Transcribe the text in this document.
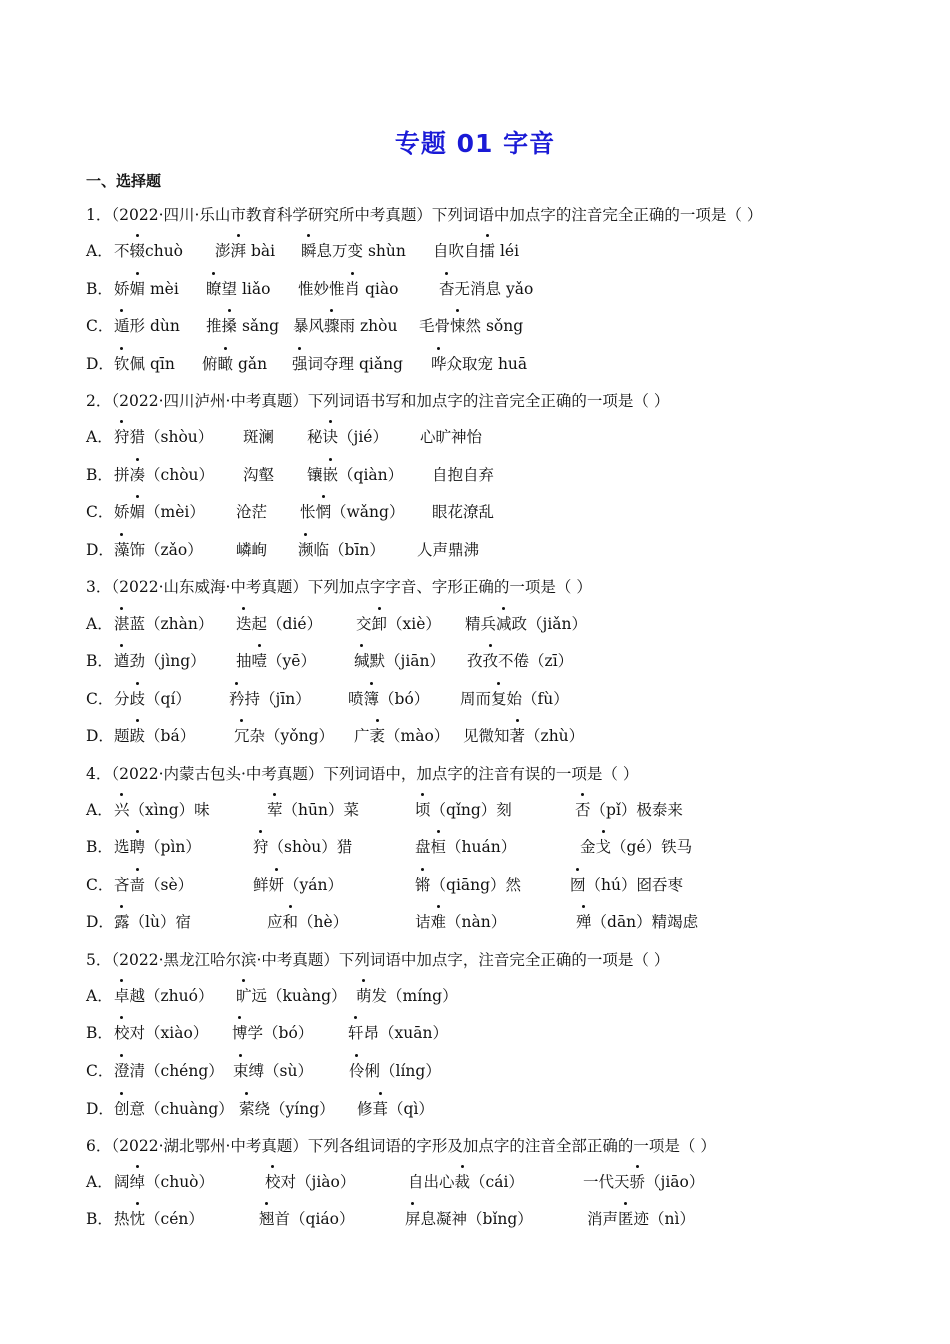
专题 01 字音
一、选择题
1．（2022·四川·乐山市教育科学研究所中考真题）下列词语中加点字的注音完全正确的一项是（ ）
A． 不辍chuò 澎湃 bài 瞬息万变 shùn 自吹自擂 léi
B． 娇媚 mèi 瞭望 liǎo 惟妙惟肖 qiào	杳无消息 yǎo
C． 遁形 dùn 推搡 sǎng 暴风骤雨 zhòu 毛骨悚然 sǒng
D． 钦佩 qīn 俯瞰 gǎn 强词夺理 qiǎng 哗众取宠 huā
2．（2022·四川泸州·中考真题）下列词语书写和加点字的注音完全正确的一项是（ ）
A． 狩猎（shòu） 斑澜 秘诀（jié） 心旷神怡
B． 拼凑（chòu） 沟壑 镶嵌（qiàn） 自抱自弃
C． 娇媚（mèi） 沧茫 怅惘（wǎng） 眼花潦乱
D． 藻饰（zǎo） 嶙峋 濒临（bīn） 人声鼎沸
3．（2022·山东威海·中考真题）下列加点字字音、字形正确的一项是（ ）
A． 湛蓝（zhàn） 迭起（dié） 交卸（xiè） 精兵减政（jiǎn）
B． 遒劲（jìng） 抽噎（yē） 缄默（jiān） 孜孜不倦（zī）
C． 分歧（qí） 矜持（jīn） 喷簿（bó） 周而复始（fù）
D． 题跋（bá）	冗杂（yǒng） 广袤（mào） 见微知著（zhù）
4．（2022·内蒙古包头·中考真题）下列词语中，加点字的注音有误的一项是（ ）
A． 兴（xìng）味	荤（hūn）菜	顷（qǐng）刻	否（pǐ）极泰来
B． 选聘（pìn）	狩（shòu）猎	盘桓（huán）	金戈（gé）铁马
C． 吝啬（sè）	鲜妍（yán）	锵（qiāng）然	囫（hú）囵吞枣
D． 露（lù）宿	应和（hè）	诘难（nàn）	殚（dān）精竭虑
5．（2022·黑龙江哈尔滨·中考真题）下列词语中加点字，注音完全正确的一项是（ ）
A． 卓越（zhuó） 旷远（kuàng） 萌发（míng）
B． 校对（xiào） 博学（bó） 轩昂（xuān）
C． 澄清（chéng） 束缚（sù） 伶俐（líng）
D． 创意（chuàng） 萦绕（yíng） 修葺（qì）
6．（2022·湖北鄂州·中考真题）下列各组词语的字形及加点字的注音全部正确的一项是（ ）
A． 阔绰（chuò）	校对（jiào）	自出心裁（cái）	一代天骄（jiāo）
B． 热忱（cén）	翘首（qiáo）	屏息凝神（bǐng）	消声匿迹（nì）
